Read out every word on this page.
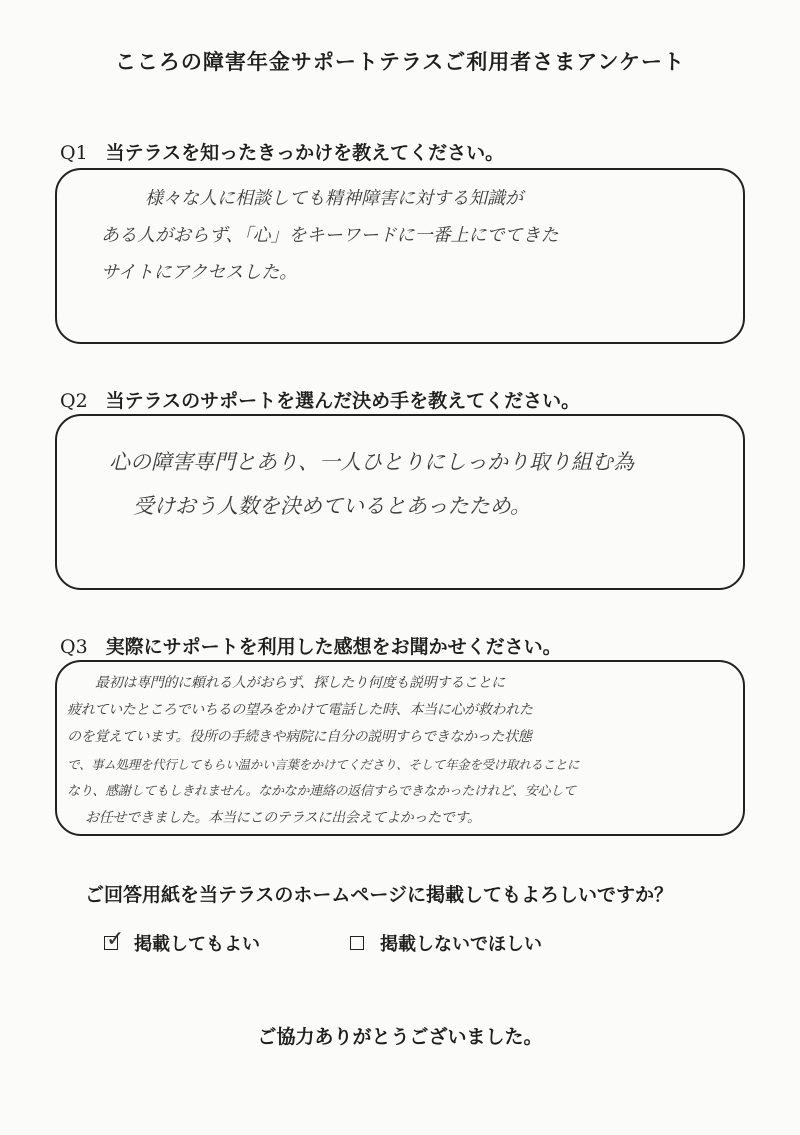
こころの障害年金サポートテラスご利用者さまアンケート
Q1 当テラスを知ったきっかけを教えてください。
様々な人に相談しても精神障害に対する知識が
ある人がおらず、「心」をキーワードに一番上にでてきた
サイトにアクセスした。
Q2 当テラスのサポートを選んだ決め手を教えてください。
心の障害専門とあり、一人ひとりにしっかり取り組む為
受けおう人数を決めているとあったため。
Q3 実際にサポートを利用した感想をお聞かせください。
最初は専門的に頼れる人がおらず、探したり何度も説明することに
疲れていたところでいちるの望みをかけて電話した時、本当に心が救われた
のを覚えています。役所の手続きや病院に自分の説明すらできなかった状態
で、事ム処理を代行してもらい温かい言葉をかけてくださり、そして年金を受け取れることに
なり、感謝してもしきれません。なかなか連絡の返信すらできなかったけれど、安心して
お任せできました。本当にこのテラスに出会えてよかったです。
ご回答用紙を当テラスのホームページに掲載してもよろしいですか？
✓ 掲載してもよい	掲載しないでほしい
ご協力ありがとうございました。
